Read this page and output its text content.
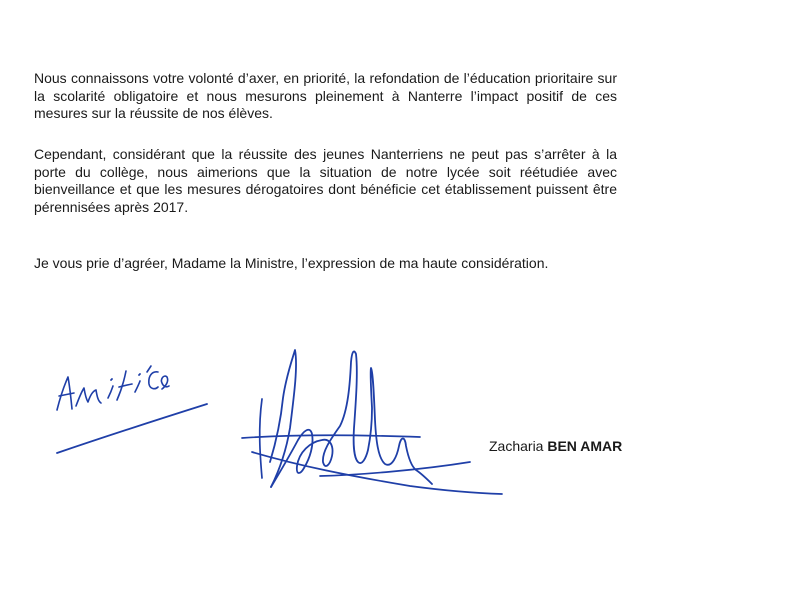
Nous connaissons votre volonté d’axer, en priorité, la refondation de l’éducation prioritaire sur la scolarité obligatoire et nous mesurons pleinement à Nanterre l’impact positif de ces mesures sur la réussite de nos élèves.

Cependant, considérant que la réussite des jeunes Nanterriens ne peut pas s’arrêter à la porte du collège, nous aimerions que la situation de notre lycée soit réétudiée avec bienveillance et que les mesures dérogatoires dont bénéficie cet établissement puissent être pérennisées après 2017.

Je vous prie d’agréer, Madame la Ministre, l’expression de ma haute considération.

Zacharia BEN AMAR
